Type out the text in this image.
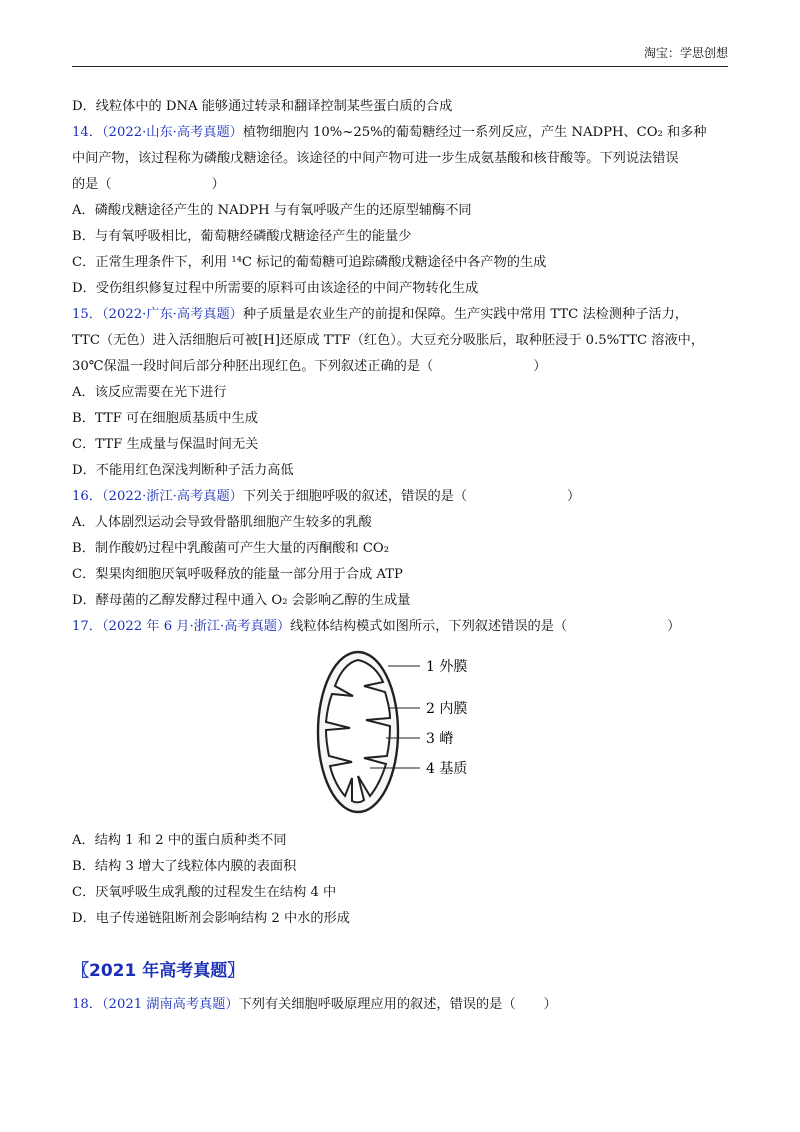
淘宝：学思创想
D．线粒体中的 DNA 能够通过转录和翻译控制某些蛋白质的合成
14．（2022·山东·高考真题）植物细胞内 10%~25%的葡萄糖经过一系列反应，产生 NADPH、CO₂ 和多种
中间产物，该过程称为磷酸戊糖途径。该途径的中间产物可进一步生成氨基酸和核苷酸等。下列说法错误
的是（	）
A．磷酸戊糖途径产生的 NADPH 与有氧呼吸产生的还原型辅酶不同
B．与有氧呼吸相比，葡萄糖经磷酸戊糖途径产生的能量少
C．正常生理条件下，利用 ¹⁴C 标记的葡萄糖可追踪磷酸戊糖途径中各产物的生成
D．受伤组织修复过程中所需要的原料可由该途径的中间产物转化生成
15．（2022·广东·高考真题）种子质量是农业生产的前提和保障。生产实践中常用 TTC 法检测种子活力，
TTC（无色）进入活细胞后可被[H]还原成 TTF（红色）。大豆充分吸胀后，取种胚浸于 0.5%TTC 溶液中，
30℃保温一段时间后部分种胚出现红色。下列叙述正确的是（	）
A．该反应需要在光下进行
B．TTF 可在细胞质基质中生成
C．TTF 生成量与保温时间无关
D．不能用红色深浅判断种子活力高低
16．（2022·浙江·高考真题）下列关于细胞呼吸的叙述，错误的是（	）
A．人体剧烈运动会导致骨骼肌细胞产生较多的乳酸
B．制作酸奶过程中乳酸菌可产生大量的丙酮酸和 CO₂
C．梨果肉细胞厌氧呼吸释放的能量一部分用于合成 ATP
D．酵母菌的乙醇发酵过程中通入 O₂ 会影响乙醇的生成量
17．（2022 年 6 月·浙江·高考真题）线粒体结构模式如图所示，下列叙述错误的是（	）
1 外膜
2 内膜
3 嵴
4 基质
A．结构 1 和 2 中的蛋白质种类不同
B．结构 3 增大了线粒体内膜的表面积
C．厌氧呼吸生成乳酸的过程发生在结构 4 中
D．电子传递链阻断剂会影响结构 2 中水的形成
〖2021 年高考真题〗
18．（2021 湖南高考真题）下列有关细胞呼吸原理应用的叙述，错误的是（ ）
